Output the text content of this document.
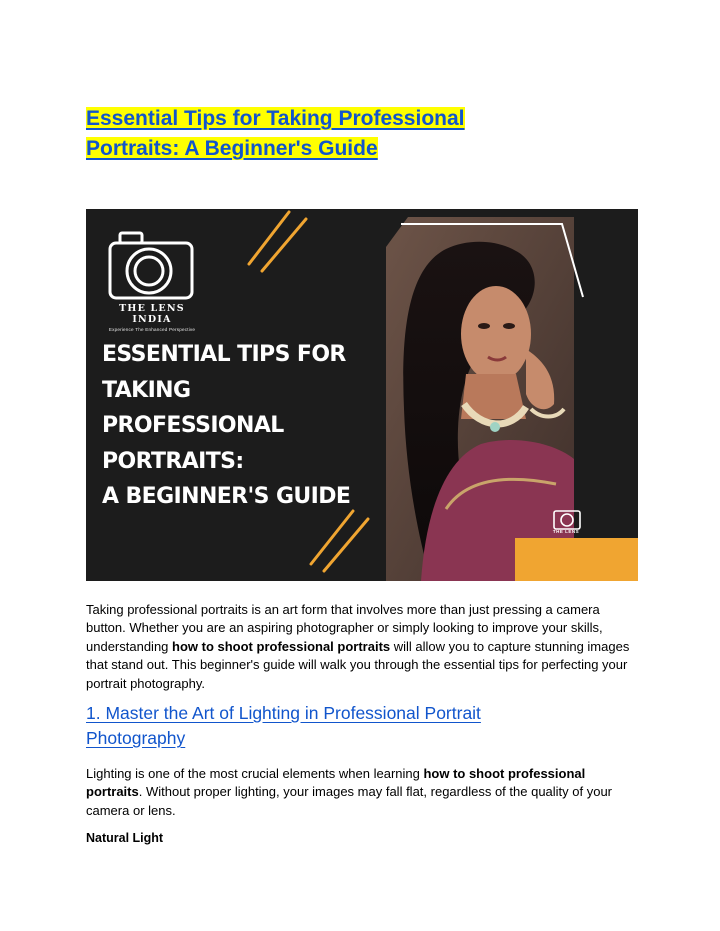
Essential Tips for Taking Professional Portraits: A Beginner's Guide
THE LENS INDIA
Experience The Enhanced Perspective
ESSENTIAL TIPS FOR
TAKING
PROFESSIONAL
PORTRAITS:
A BEGINNER'S GUIDE
THE LENS

Taking professional portraits is an art form that involves more than just pressing a camera button. Whether you are an aspiring photographer or simply looking to improve your skills, understanding how to shoot professional portraits will allow you to capture stunning images that stand out. This beginner's guide will walk you through the essential tips for perfecting your portrait photography.

1. Master the Art of Lighting in Professional Portrait Photography

Lighting is one of the most crucial elements when learning how to shoot professional portraits. Without proper lighting, your images may fall flat, regardless of the quality of your camera or lens.

Natural Light
